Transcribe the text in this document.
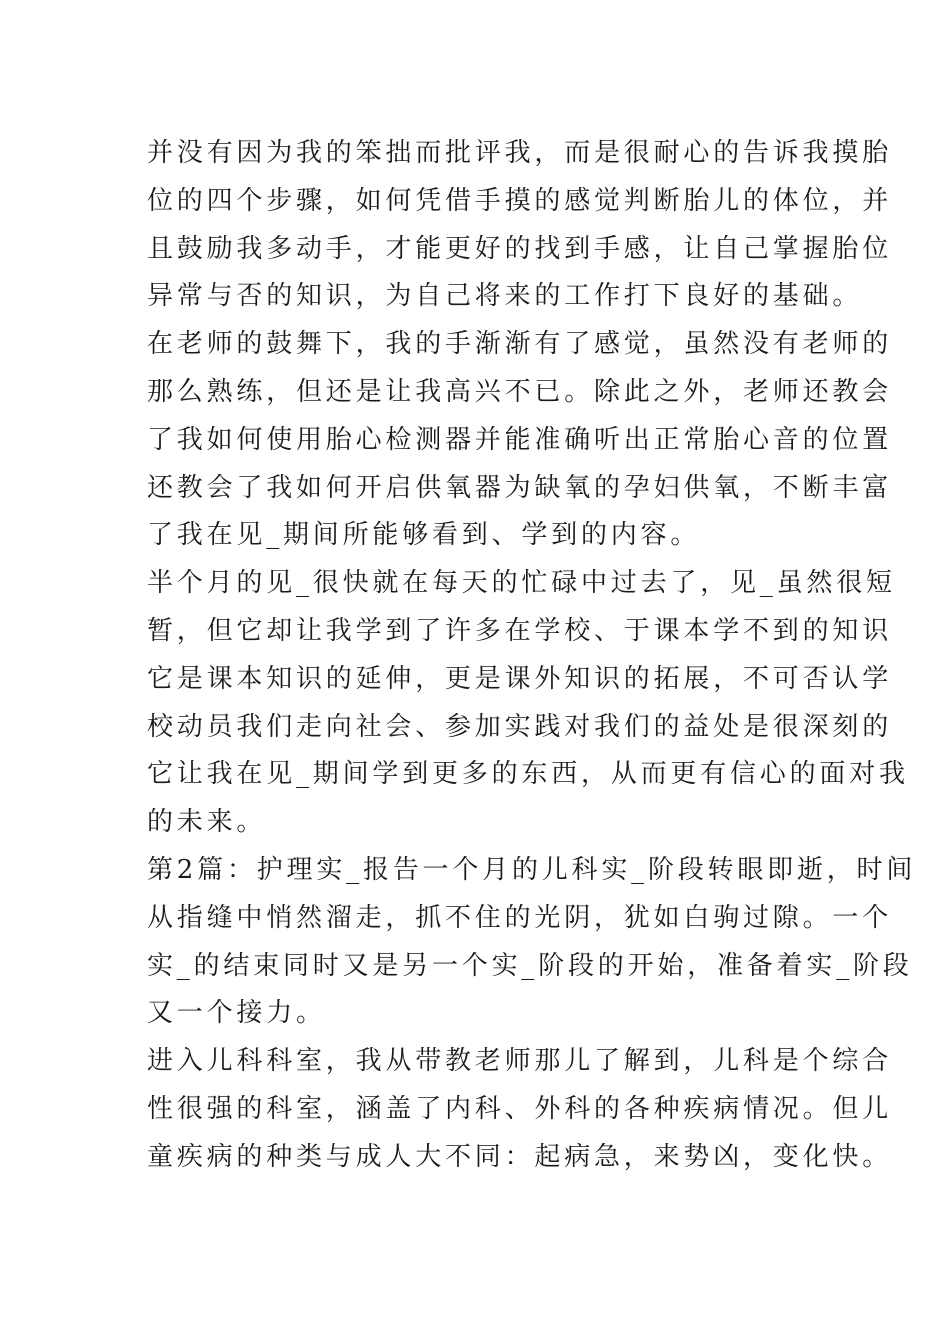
并没有因为我的笨拙而批评我，而是很耐心的告诉我摸胎
位的四个步骤，如何凭借手摸的感觉判断胎儿的体位，并
且鼓励我多动手，才能更好的找到手感，让自己掌握胎位
异常与否的知识，为自己将来的工作打下良好的基础。

在老师的鼓舞下，我的手渐渐有了感觉，虽然没有老师的
那么熟练，但还是让我高兴不已。除此之外，老师还教会
了我如何使用胎心检测器并能准确听出正常胎心音的位置
还教会了我如何开启供氧器为缺氧的孕妇供氧，不断丰富
了我在见_期间所能够看到、学到的内容。

半个月的见_很快就在每天的忙碌中过去了，见_虽然很短
暂，但它却让我学到了许多在学校、于课本学不到的知识
它是课本知识的延伸，更是课外知识的拓展，不可否认学
校动员我们走向社会、参加实践对我们的益处是很深刻的
它让我在见_期间学到更多的东西，从而更有信心的面对我
的未来。

第2篇：护理实_报告一个月的儿科实_阶段转眼即逝，时间
从指缝中悄然溜走，抓不住的光阴，犹如白驹过隙。一个
实_的结束同时又是另一个实_阶段的开始，准备着实_阶段
又一个接力。

进入儿科科室，我从带教老师那儿了解到，儿科是个综合
性很强的科室，涵盖了内科、外科的各种疾病情况。但儿
童疾病的种类与成人大不同：起病急，来势凶，变化快。
